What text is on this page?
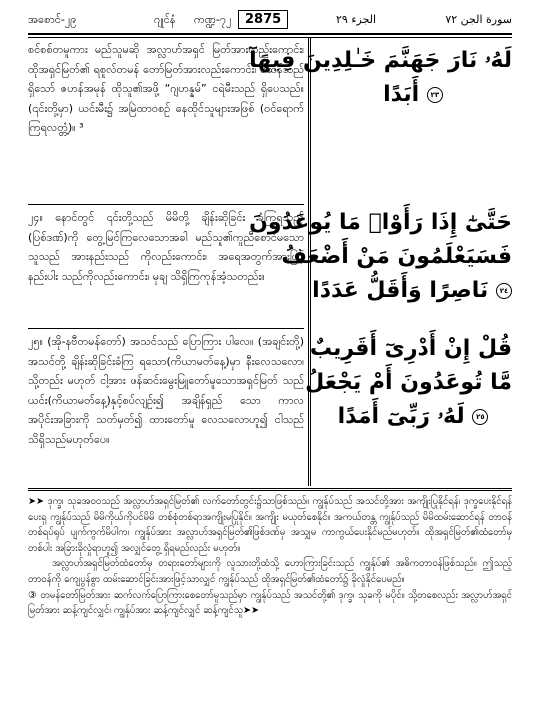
အစောင်-၂၉	ဂျုင်နံ ကဏ္ဍ-၇၂	2875	الجزء ٢٩	سورة الجن ٧٢

စင်စစ်တမူကား မည်သူမဆို အလ္လာဟ်အရှင် မြတ်အားလည်းကောင်း၊ ထိုအရှင်မြတ်၏ ရစူလ်တမန် တော်မြတ်အားလည်းကောင်း၊ ဖီဆန်သည်ရှိသော် ဇဟန်အမုန် ထိုသူ၏အဖို့ “ဂျဟန္နမ်” ငရဲမီးသည် ရှိပေသည်။ (၎င်းတို့မှာ) ယင်းမီး၌ အမြဲထာဝစဉ် နေထိုင်သူများအဖြစ် (ဝင်ရောက်ကြရလတ္တံ့)။ ³

لَهُۥ نَارَ جَهَنَّمَ خَـٰلِدِينَ فِيهَآ
٢٣ أَبَدًا

၂၄။ နောင်တွင် ၎င်းတို့သည် မိမိတို့ ချိန်းဆိုခြင်း ခံကြရသည့် (ပြစ်ဒဏ်)ကို တွေ့မြင်ကြလေသောအခါ မည်သူ၏ကူညီစောင်မသောသူသည် အားနည်းသည် ကိုလည်းကောင်း၊ အရေအတွက်အားဖြင့် နည်းပါး သည်ကိုလည်းကောင်း၊ မုချ သိရှိကြကုန်အံ့သတည်း။

حَتَّىٰٓ إِذَا رَأَوْا۟ مَا يُوعَدُونَ
فَسَيَعْلَمُونَ مَنْ أَضْعَفُ
٢٤ نَاصِرًا وَأَقَلُّ عَدَدًا

၂၅။ (အို-နဗီတမန်တော်) အသင်သည် ပြောကြား ပါလေ။ (အချင်းတို့) အသင်တို့ ချိန်းဆိုခြင်းခံကြ ရသော(ကိယာမတ်နေ့)မှာ နီးလေသလော၊ သို့တည်း မဟုတ် ငါ့အား ဖန်ဆင်းမွေးမြူတော်မူသောအရှင်မြတ် သည် ယင်း(ကိယာမတ်နေ့)နှင့်စပ်လျဉ်း၍ အချိန်ရှည် သော ကာလအပိုင်းအခြားကို သတ်မှတ်၍ ထားတော်မူ လေသလောဟူ၍ ငါသည် သိရှိသည်မဟုတ်ပေ။

قُلْ إِنْ أَدْرِىٓ أَقَرِيبٌ
مَّا تُوعَدُونَ أَمْ يَجْعَلُ
٢٥ لَهُۥ رَبِّىٓ أَمَدًا

➤➤ ဒုက္ခ၊ သုခအဝဝသည် အလ္လာဟ်အရှင်မြတ်၏ လက်တော်တွင်း၌သာဖြစ်သည်။ ကျွန်ုပ်သည် အသင်တို့အား အကျိုးပြုနိုင်ရန်၊ ဒုက္ခပေးနိုင်ရန်ပေးရှ ကျွန်ုပ်သည် မိမိကိုယ်ကိုပင်မိမိ တစ်စုံတစ်ရာအကျိုးမပြုနိုင်။ အကျိုး မယုတ်စေနိုင်။ အကယ်တန္တ ကျွန်ုပ်သည် မိမိထမ်းဆောင်ရန် တာဝန်တစ်ရပ်ရုပ် ပျက်ကွက်မိပါက၊ ကျွန်ုပ်အား အလ္လာဟ်အရှင်မြတ်၏ဖြစ်ဒဏ်မှ အသျှမ ကာကွယ်ပေးနိုင်မည်မဟုတ်။ ထိုအရှင်မြတ်၏ထံတော်မှ တစ်ပါး အခြားခိုလှုံရာဟူ၍ အလျှင်တွေ့ ရှိရမည်လည်း မဟုတ်။

အလ္လာဟ်အရှင်မြတ်ထံတော်မှ တရားတော်များကို လူသားတို့ထံသို့ ဟောကြားခြင်းသည် ကျွန်ုပ်၏ အဓိကတာဝန်ဖြစ်သည်။ ဤသည့်တာဝန်ကို ကျေပွန်စွာ ထမ်းဆောင်ခြင်းအားဖြင့်သာလျှင် ကျွန်ုပ်သည် ထိုအရှင်မြတ်၏ထံတော်၌ ခိုလှုံနိုင်ပေမည်။

③ တမန်တော်မြတ်အား ဆက်လက်ပြောကြားစေတော်မူသည်မှာ ကျွန်ုပ်သည် အသင်တို့၏ ဒုက္ခ၊ သုခကို မပိုင်။ သို့တစေလည်း အလ္လာဟ်အရှင်မြတ်အား ဆန့်ကျင်လျှင်၊ ကျွန်ုပ်အား ဆန့်ကျင်လျှင် ဆန့်ကျင်သူ➤➤
